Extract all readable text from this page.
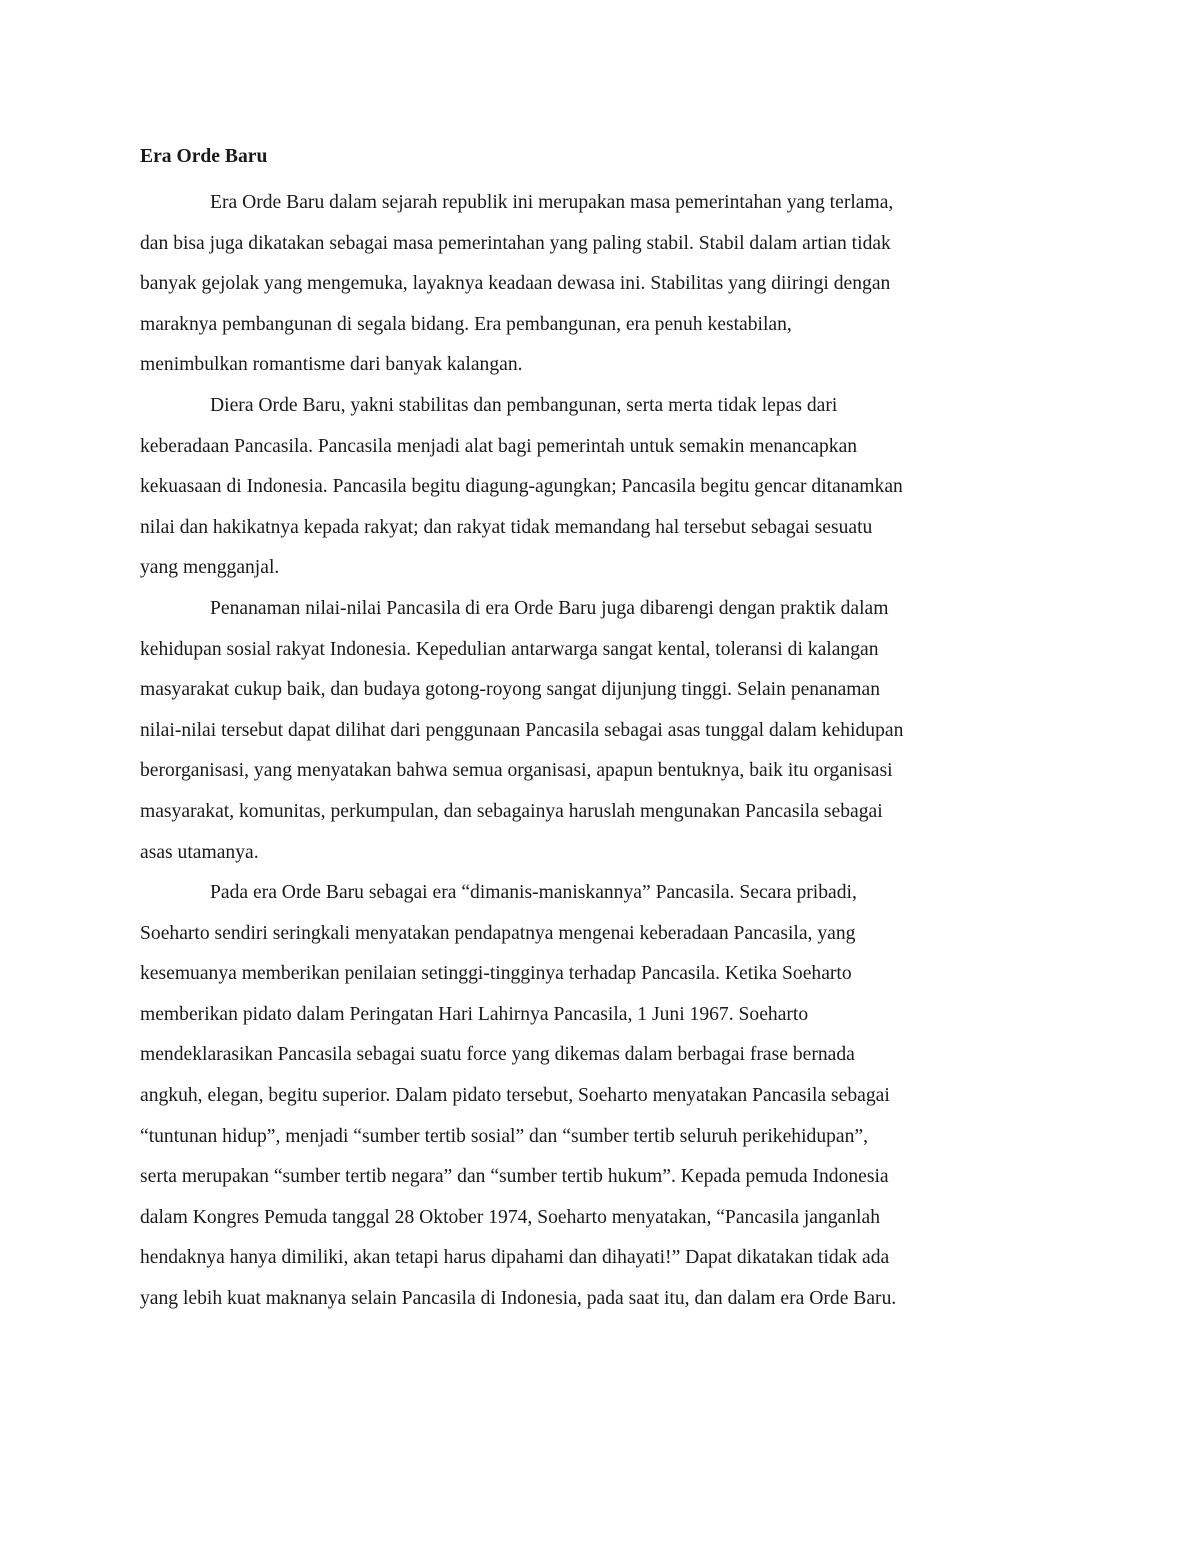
Era Orde Baru
Era Orde Baru dalam sejarah republik ini merupakan masa pemerintahan yang terlama,
dan bisa juga dikatakan sebagai masa pemerintahan yang paling stabil. Stabil dalam artian tidak
banyak gejolak yang mengemuka, layaknya keadaan dewasa ini. Stabilitas yang diiringi dengan
maraknya pembangunan di segala bidang. Era pembangunan, era penuh kestabilan,
menimbulkan romantisme dari banyak kalangan.
Diera Orde Baru, yakni stabilitas dan pembangunan, serta merta tidak lepas dari
keberadaan Pancasila. Pancasila menjadi alat bagi pemerintah untuk semakin menancapkan
kekuasaan di Indonesia. Pancasila begitu diagung-agungkan; Pancasila begitu gencar ditanamkan
nilai dan hakikatnya kepada rakyat; dan rakyat tidak memandang hal tersebut sebagai sesuatu
yang mengganjal.
Penanaman nilai-nilai Pancasila di era Orde Baru juga dibarengi dengan praktik dalam
kehidupan sosial rakyat Indonesia. Kepedulian antarwarga sangat kental, toleransi di kalangan
masyarakat cukup baik, dan budaya gotong-royong sangat dijunjung tinggi. Selain penanaman
nilai-nilai tersebut dapat dilihat dari penggunaan Pancasila sebagai asas tunggal dalam kehidupan
berorganisasi, yang menyatakan bahwa semua organisasi, apapun bentuknya, baik itu organisasi
masyarakat, komunitas, perkumpulan, dan sebagainya haruslah mengunakan Pancasila sebagai
asas utamanya.
Pada era Orde Baru sebagai era “dimanis-maniskannya” Pancasila. Secara pribadi,
Soeharto sendiri seringkali menyatakan pendapatnya mengenai keberadaan Pancasila, yang
kesemuanya memberikan penilaian setinggi-tingginya terhadap Pancasila. Ketika Soeharto
memberikan pidato dalam Peringatan Hari Lahirnya Pancasila, 1 Juni 1967. Soeharto
mendeklarasikan Pancasila sebagai suatu force yang dikemas dalam berbagai frase bernada
angkuh, elegan, begitu superior. Dalam pidato tersebut, Soeharto menyatakan Pancasila sebagai
“tuntunan hidup”, menjadi “sumber tertib sosial” dan “sumber tertib seluruh perikehidupan”,
serta merupakan “sumber tertib negara” dan “sumber tertib hukum”. Kepada pemuda Indonesia
dalam Kongres Pemuda tanggal 28 Oktober 1974, Soeharto menyatakan, “Pancasila janganlah
hendaknya hanya dimiliki, akan tetapi harus dipahami dan dihayati!” Dapat dikatakan tidak ada
yang lebih kuat maknanya selain Pancasila di Indonesia, pada saat itu, dan dalam era Orde Baru.
